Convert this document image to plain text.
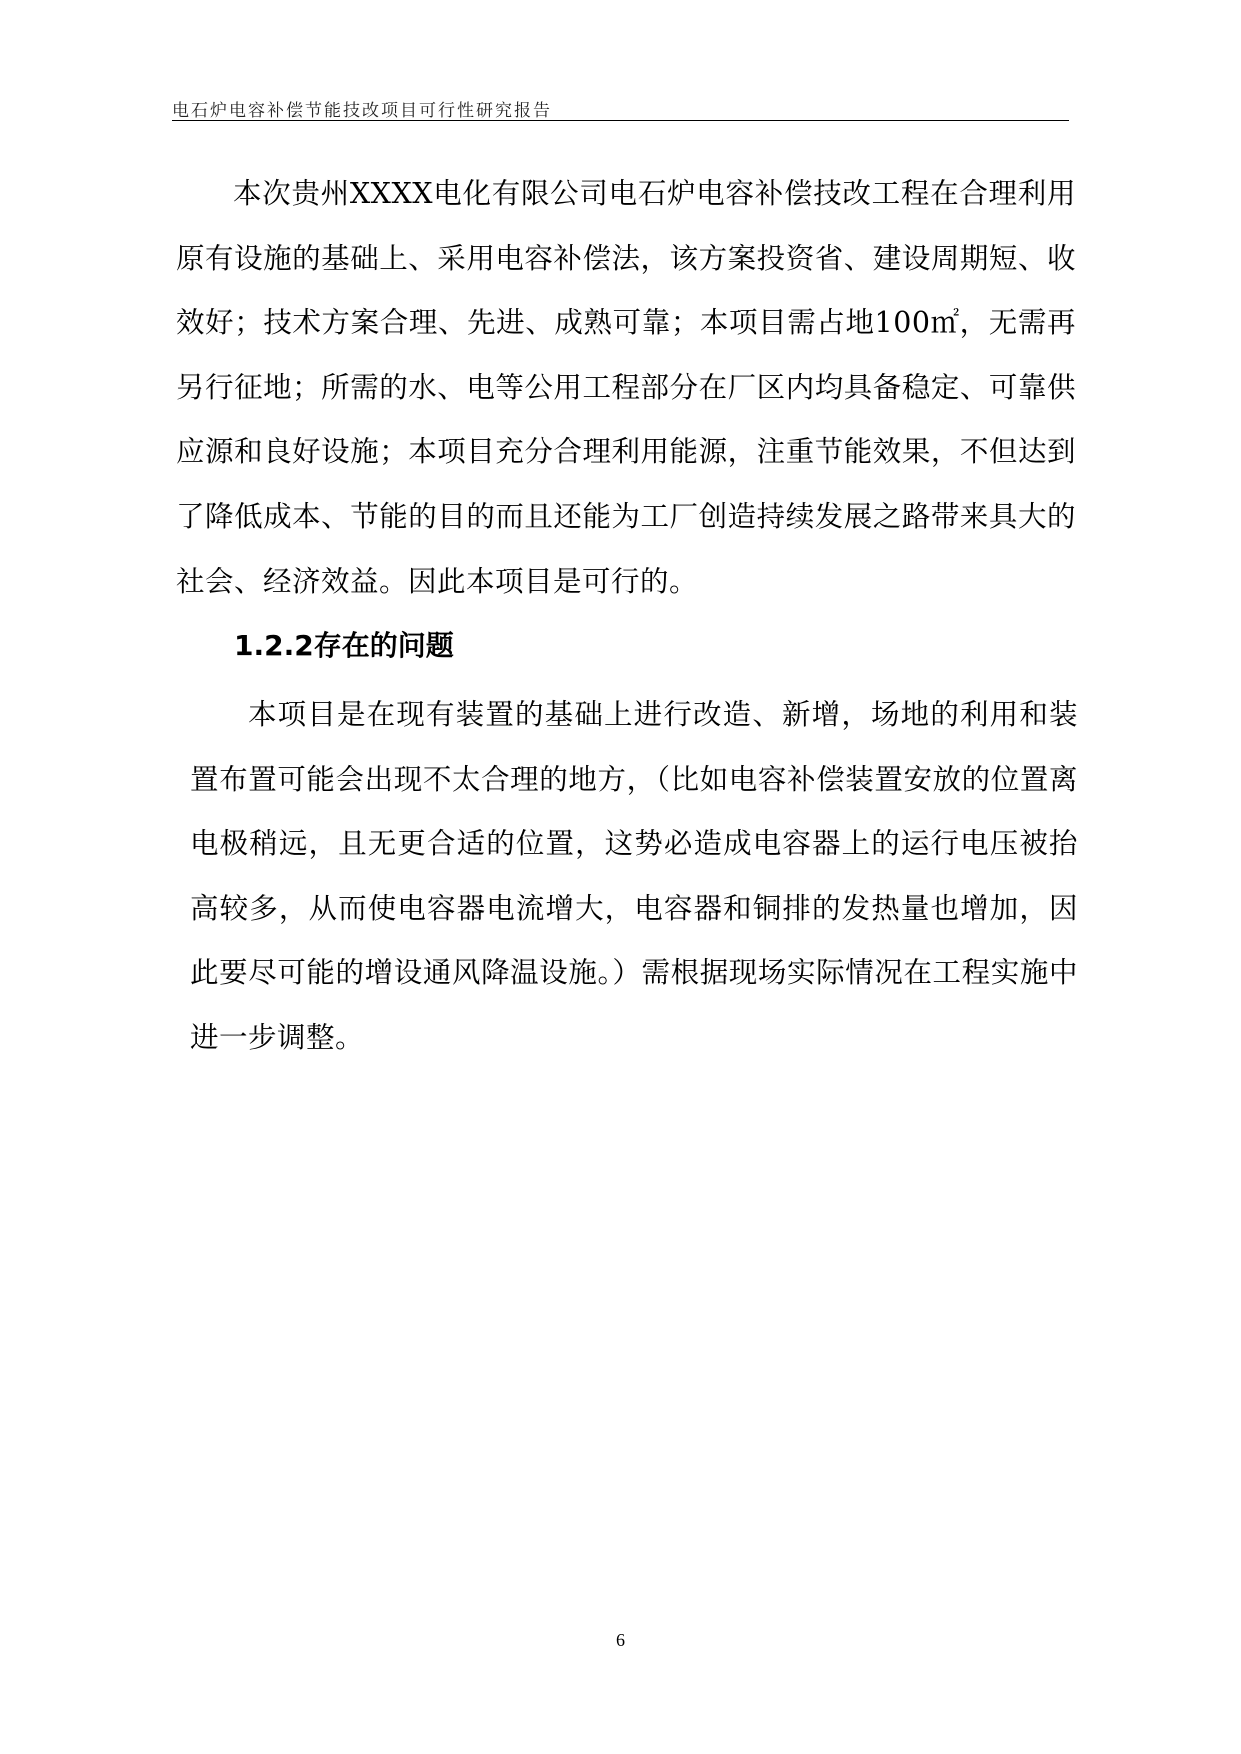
电石炉电容补偿节能技改项目可行性研究报告

本次贵州XXXX电化有限公司电石炉电容补偿技改工程在合理利用原有设施的基础上、采用电容补偿法，该方案投资省、建设周期短、收效好；技术方案合理、先进、成熟可靠；本项目需占地100㎡，无需再另行征地；所需的水、电等公用工程部分在厂区内均具备稳定、可靠供应源和良好设施；本项目充分合理利用能源，注重节能效果，不但达到了降低成本、节能的目的而且还能为工厂创造持续发展之路带来具大的社会、经济效益。因此本项目是可行的。

1.2.2存在的问题

本项目是在现有装置的基础上进行改造、新增，场地的利用和装置布置可能会出现不太合理的地方，（比如电容补偿装置安放的位置离电极稍远，且无更合适的位置，这势必造成电容器上的运行电压被抬高较多，从而使电容器电流增大，电容器和铜排的发热量也增加，因此要尽可能的增设通风降温设施。）需根据现场实际情况在工程实施中进一步调整。

6
